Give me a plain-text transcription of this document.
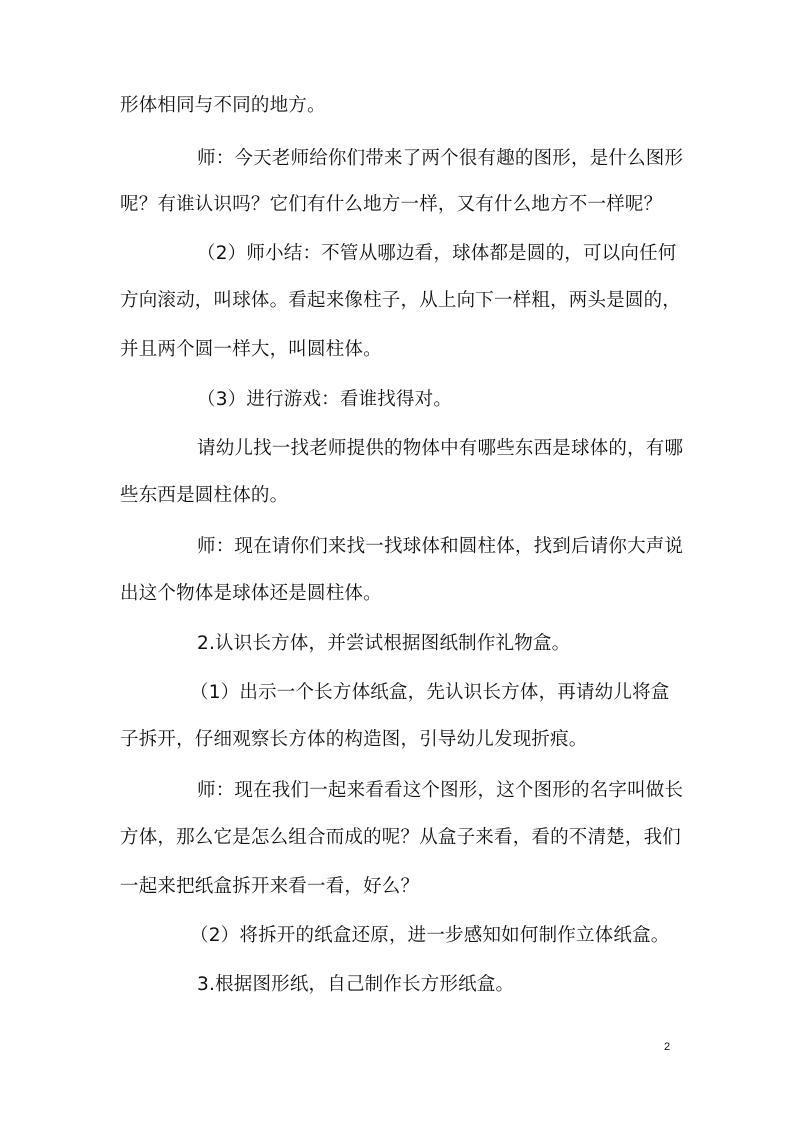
形体相同与不同的地方。
师：今天老师给你们带来了两个很有趣的图形，是什么图形
呢？有谁认识吗？它们有什么地方一样，又有什么地方不一样呢？
（2）师小结：不管从哪边看，球体都是圆的，可以向任何
方向滚动，叫球体。看起来像柱子，从上向下一样粗，两头是圆的，
并且两个圆一样大，叫圆柱体。
（3）进行游戏：看谁找得对。
请幼儿找一找老师提供的物体中有哪些东西是球体的，有哪
些东西是圆柱体的。
师：现在请你们来找一找球体和圆柱体，找到后请你大声说
出这个物体是球体还是圆柱体。
2.认识长方体，并尝试根据图纸制作礼物盒。
（1）出示一个长方体纸盒，先认识长方体，再请幼儿将盒
子拆开，仔细观察长方体的构造图，引导幼儿发现折痕。
师：现在我们一起来看看这个图形，这个图形的名字叫做长
方体，那么它是怎么组合而成的呢？从盒子来看，看的不清楚，我们
一起来把纸盒拆开来看一看，好么？
（2）将拆开的纸盒还原，进一步感知如何制作立体纸盒。
3.根据图形纸，自己制作长方形纸盒。
2
